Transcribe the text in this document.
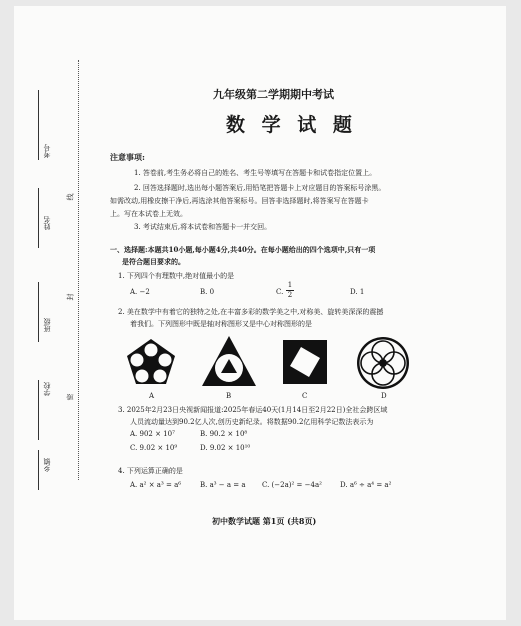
考号
姓名
班级
学校
乡镇
线
封
密
九年级第二学期期中考试
数 学 试 题
注意事项:
1. 答卷前,考生务必将自己的姓名、考生号等填写在答题卡和试卷指定位置上。
2. 回答选择题时,选出每小题答案后,用铅笔把答题卡上对应题目的答案标号涂黑。
如需改动,用橡皮擦干净后,再选涂其他答案标号。回答非选择题时,将答案写在答题卡
上。写在本试卷上无效。
3. 考试结束后,将本试卷和答题卡一并交回。
一、选择题:本题共10小题,每小题4分,共40分。在每小题给出的四个选项中,只有一项
是符合题目要求的。
1. 下列四个有理数中,绝对值最小的是
A. −2	B. 0	C.
1
2	D. 1
2. 美在数学中有着它的独特之处,在丰富多彩的数学美之中,对称美、旋转美深深的震撼
着我们。下列图形中既是轴对称图形又是中心对称图形的是
A	B	C	D
3. 2025年2月23日央视新闻报道:2025年春运40天(1月14日至2月22日)全社会跨区域
人员流动量达到90.2亿人次,创历史新纪录。将数据90.2亿用科学记数法表示为
A. 902 × 10⁷	B. 90.2 × 10⁸
C. 9.02 × 10⁹	D. 9.02 × 10¹⁰
4. 下列运算正确的是
A. a² × a³ = a⁶	B. a³ − a = a C. (−2a)² = −4a²	D. a⁶ ÷ a⁴ = a²
初中数学试题 第1页 (共8页)
